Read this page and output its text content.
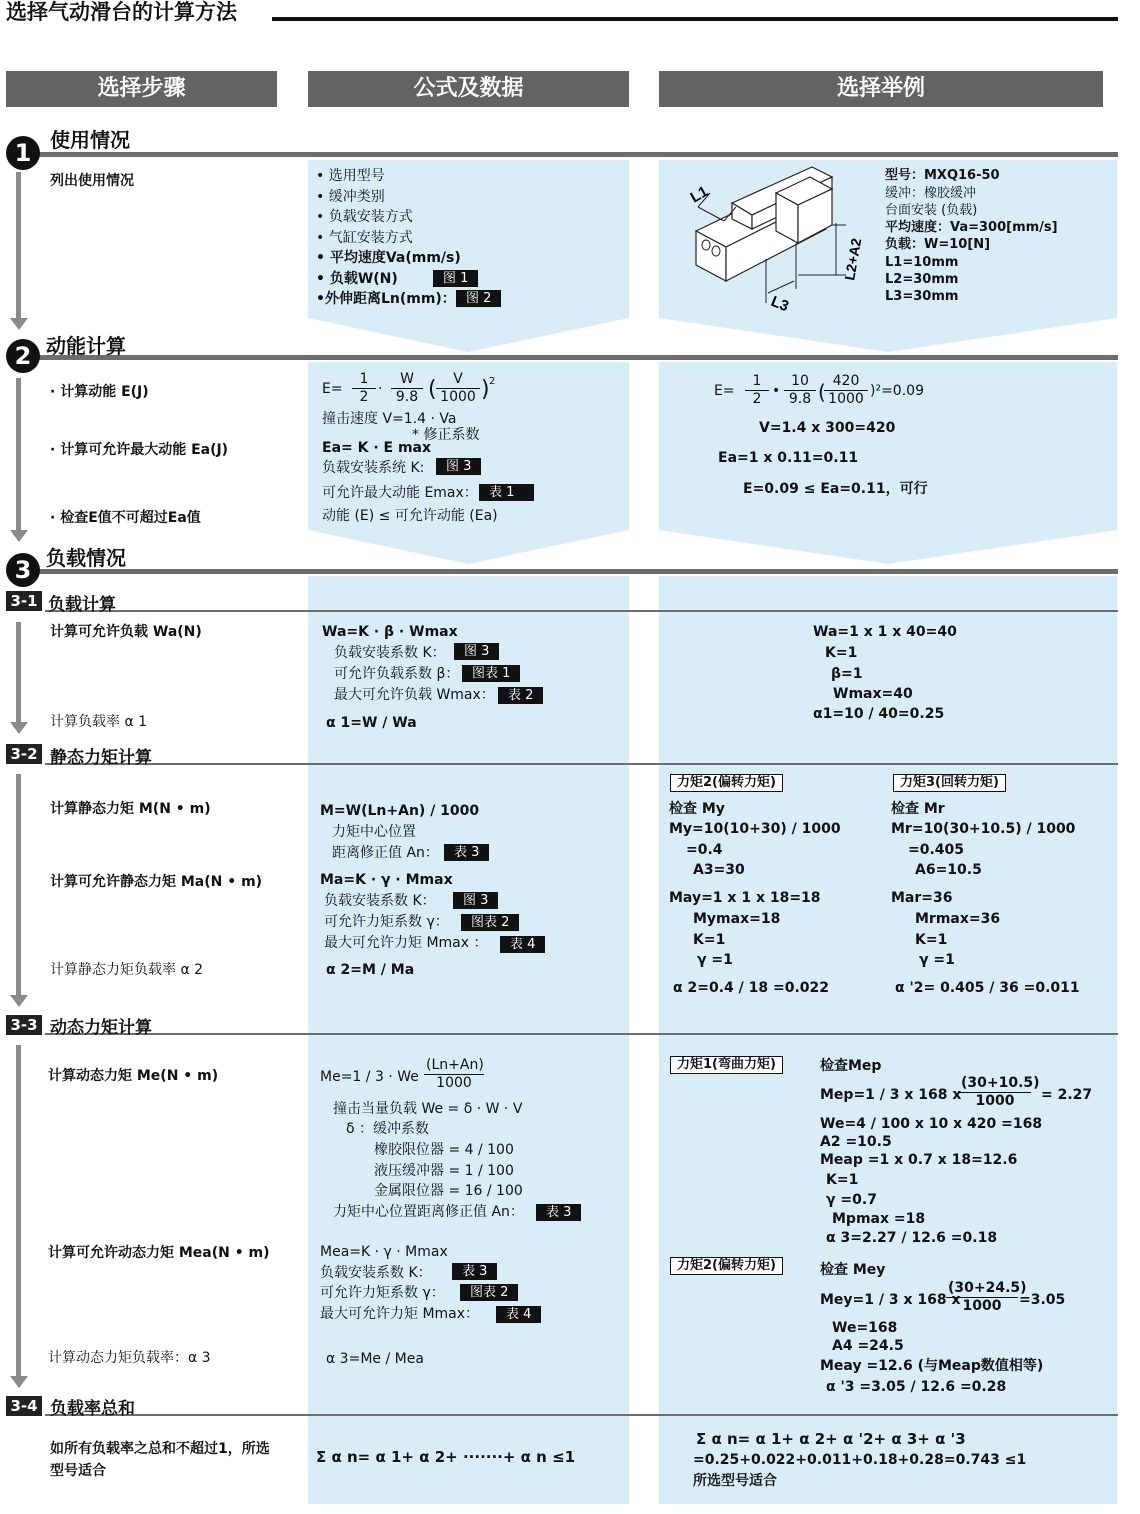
选择气动滑台的计算方法
选择步骤	公式及数据	选择举例
1 使用情况
列出使用情况	• 选用型号
• 缓冲类别
• 负载安装方式
• 气缸安装方式
• 平均速度Va(mm/s)
• 负载W(N)	图 1
•外伸距离Ln(mm)： 图 2
L1
L2+A2
L3
型号：MXQ16-50
缓冲：橡胶缓冲
台面安装 (负载)
平均速度：Va=300[mm/s]
负载：W=10[N]
L1=10mm
L2=30mm
L3=30mm
2 动能计算
· 计算动能 E(J)
· 计算可允许最大动能 Ea(J)
· 检查E值不可超过Ea值
$E= \frac{1}{2} \cdot \frac{W}{9.8}$ ( $\frac{V}{1000}$ ) 2
撞击速度 V=1.4 · Va
* 修正系数
Ea= K · E max
负载安装系统 K:	图 3
可允许最大动能 Emax： 表 1
动能 (E) ≤ 可允许动能 (Ea)
$E= \frac{1}{2}$ • $\frac{10}{9.8}$ (
$\frac{420}{1000} )^2=0.09$
V=1.4 x 300=420
Ea=1 x 0.11=0.11
E=0.09 ≤ Ea=0.11，可行
3 负载情况
3-1 负载计算
计算可允许负载 Wa(N)
计算负载率 α 1
Wa=K · β · Wmax
负载安装系数 K：	图 3
可允许负载系数 β： 图表 1
最大可允许负载 Wmax：	表 2
α 1=W / Wa
Wa=1 x 1 x 40=40
K=1
β=1
Wmax=40
α1=10 / 40=0.25
3-2 静态力矩计算
计算静态力矩 M(N • m)
计算可允许静态力矩 Ma(N • m)
计算静态力矩负载率 α 2
M=W(Ln+An) / 1000
力矩中心位置
距离修正值 An：	表 3
Ma=K · γ · Mmax
负载安装系数 K：	图 3
可允许力矩系数 γ：	图表 2
最大可允许力矩 Mmax ：	表 4
α 2=M / Ma
力矩2(偏转力矩)
检查 My
My=10(10+30) / 1000
=0.4
A3=30
May=1 x 1 x 18=18
Mymax=18
K=1
γ =1
α 2=0.4 / 18 =0.022
力矩3(回转力矩)
检查 Mr
Mr=10(30+10.5) / 1000
=0.405
A6=10.5
Mar=36
Mrmax=36
K=1
γ =1
α '2= 0.405 / 36 =0.011
3-3 动态力矩计算
计算动态力矩 Me(N • m)
计算可允许动态力矩 Mea(N • m)
计算动态力矩负载率：α 3
Me=1 / 3 · We $\frac{(Ln+An)}{1000}$
撞击当量负载 We = δ · W · V
δ ：缓冲系数
橡胶限位器 = 4 / 100
液压缓冲器 = 1 / 100
金属限位器 = 16 / 100
力矩中心位置距离修正值 An：	表 3
Mea=K · γ · Mmax
负载安装系数 K：	表 3
可允许力矩系数 γ：	图表 2
最大可允许力矩 Mmax：	表 4
α 3=Me / Mea
力矩1(弯曲力矩)	检查Mep
Mep=1 / 3 x 168 x
$\frac{(30+10.5)}{1000} = 2.27$
We=4 / 100 x 10 x 420 =168
A2 =10.5
Meap =1 x 0.7 x 18=12.6
K=1
γ =0.7
Mpmax =18
α 3=2.27 / 12.6 =0.18
力矩2(偏转力矩)	检查 Mey
Mey=1 / 3 x 168 x
$\frac{(30+24.5)}{1000} =3.05$
We=168
A4 =24.5
Meay =12.6 (与Meap数值相等)
α '3 =3.05 / 12.6 =0.28
3-4 负载率总和
如所有负载率之总和不超过1，所选
型号适合
Σ α n= α 1+ α 2+ ·······+ α n ≤1
Σ α n= α 1+ α 2+ α '2+ α 3+ α '3
=0.25+0.022+0.011+0.18+0.28=0.743 ≤1
所选型号适合
